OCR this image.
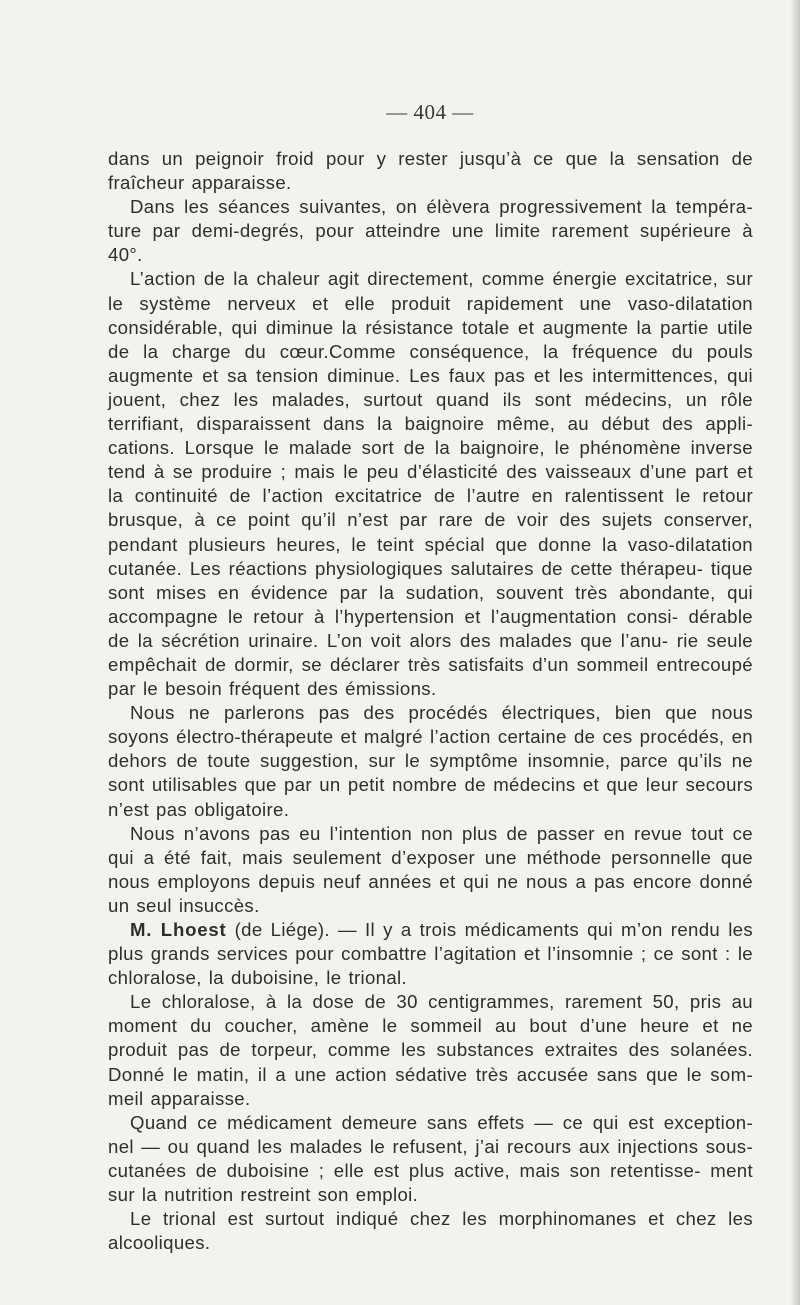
— 404 —

dans un peignoir froid pour y rester jusqu’à ce que la sensation de fraîcheur apparaisse.

Dans les séances suivantes, on élèvera progressivement la tempéra- ture par demi-degrés, pour atteindre une limite rarement supérieure à 40°.

L’action de la chaleur agit directement, comme énergie excitatrice, sur le système nerveux et elle produit rapidement une vaso-dilatation considérable, qui diminue la résistance totale et augmente la partie utile de la charge du cœur.Comme conséquence, la fréquence du pouls augmente et sa tension diminue. Les faux pas et les intermittences, qui jouent, chez les malades, surtout quand ils sont médecins, un rôle terrifiant, disparaissent dans la baignoire même, au début des appli- cations. Lorsque le malade sort de la baignoire, le phénomène inverse tend à se produire ; mais le peu d’élasticité des vaisseaux d’une part et la continuité de l’action excitatrice de l’autre en ralentissent le retour brusque, à ce point qu’il n’est par rare de voir des sujets conserver, pendant plusieurs heures, le teint spécial que donne la vaso-dilatation cutanée. Les réactions physiologiques salutaires de cette thérapeu- tique sont mises en évidence par la sudation, souvent très abondante, qui accompagne le retour à l’hypertension et l’augmentation consi- dérable de la sécrétion urinaire. L’on voit alors des malades que l’anu- rie seule empêchait de dormir, se déclarer très satisfaits d’un sommeil entrecoupé par le besoin fréquent des émissions.

Nous ne parlerons pas des procédés électriques, bien que nous soyons électro-thérapeute et malgré l’action certaine de ces procédés, en dehors de toute suggestion, sur le symptôme insomnie, parce qu’ils ne sont utilisables que par un petit nombre de médecins et que leur secours n’est pas obligatoire.

Nous n’avons pas eu l’intention non plus de passer en revue tout ce qui a été fait, mais seulement d’exposer une méthode personnelle que nous employons depuis neuf années et qui ne nous a pas encore donné un seul insuccès.

M. Lhoest (de Liége). — Il y a trois médicaments qui m’on rendu les plus grands services pour combattre l’agitation et l’insomnie ; ce sont : le chloralose, la duboisine, le trional.

Le chloralose, à la dose de 30 centigrammes, rarement 50, pris au moment du coucher, amène le sommeil au bout d’une heure et ne produit pas de torpeur, comme les substances extraites des solanées. Donné le matin, il a une action sédative très accusée sans que le som- meil apparaisse.

Quand ce médicament demeure sans effets — ce qui est exception- nel — ou quand les malades le refusent, j’ai recours aux injections sous-cutanées de duboisine ; elle est plus active, mais son retentisse- ment sur la nutrition restreint son emploi.

Le trional est surtout indiqué chez les morphinomanes et chez les alcooliques.
